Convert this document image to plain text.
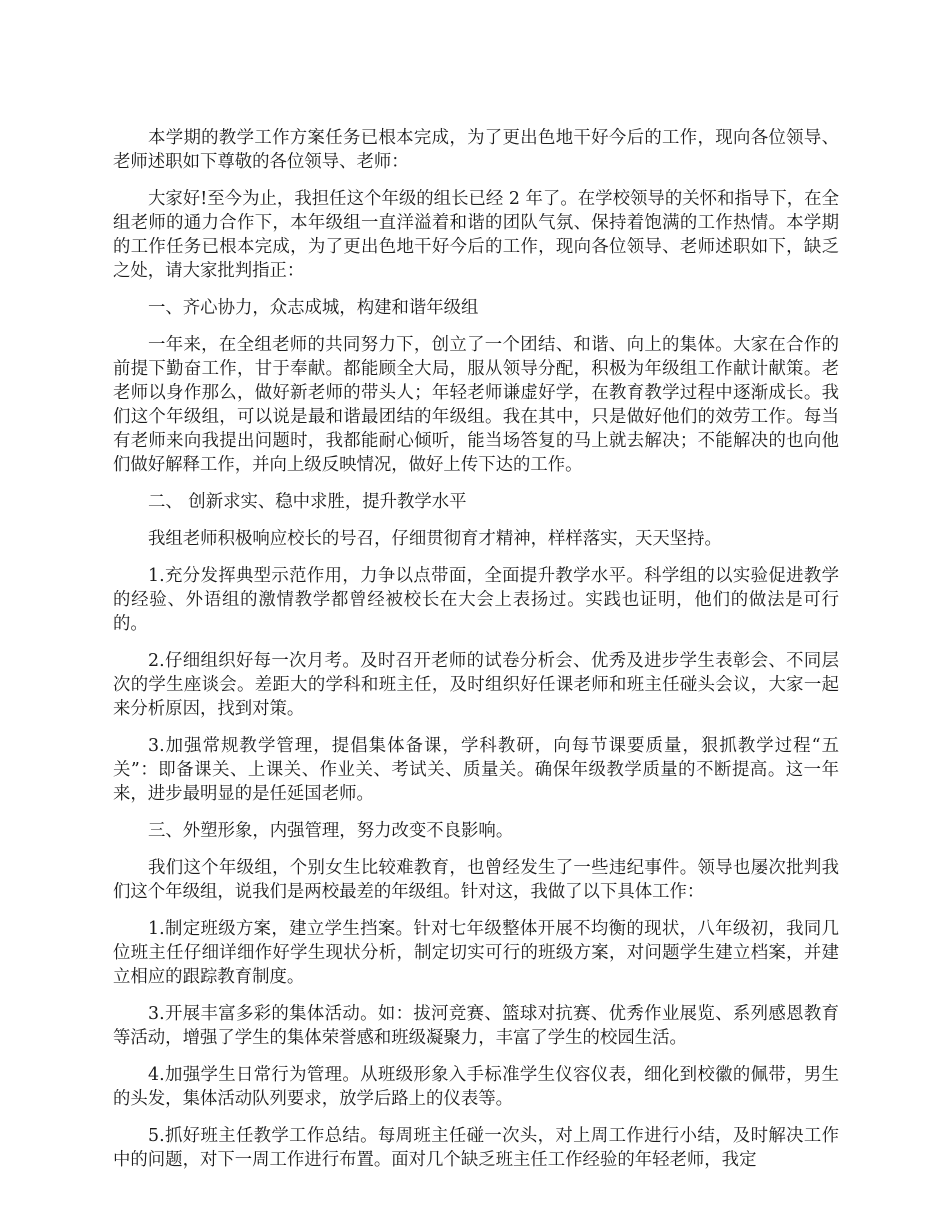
本学期的教学工作方案任务已根本完成，为了更出色地干好今后的工作，现向各位领导、老师述职如下尊敬的各位领导、老师：

大家好!至今为止，我担任这个年级的组长已经 2 年了。在学校领导的关怀和指导下，在全组老师的通力合作下，本年级组一直洋溢着和谐的团队气氛、保持着饱满的工作热情。本学期的工作任务已根本完成，为了更出色地干好今后的工作，现向各位领导、老师述职如下，缺乏之处，请大家批判指正：

一、齐心协力，众志成城，构建和谐年级组

一年来，在全组老师的共同努力下，创立了一个团结、和谐、向上的集体。大家在合作的前提下勤奋工作，甘于奉献。都能顾全大局，服从领导分配，积极为年级组工作献计献策。老老师以身作那么，做好新老师的带头人；年轻老师谦虚好学，在教育教学过程中逐渐成长。我们这个年级组，可以说是最和谐最团结的年级组。我在其中，只是做好他们的效劳工作。每当有老师来向我提出问题时，我都能耐心倾听，能当场答复的马上就去解决；不能解决的也向他们做好解释工作，并向上级反映情况，做好上传下达的工作。

二、 创新求实、稳中求胜，提升教学水平

我组老师积极响应校长的号召，仔细贯彻育才精神，样样落实，天天坚持。

1.充分发挥典型示范作用，力争以点带面，全面提升教学水平。科学组的以实验促进教学的经验、外语组的激情教学都曾经被校长在大会上表扬过。实践也证明，他们的做法是可行的。

2.仔细组织好每一次月考。及时召开老师的试卷分析会、优秀及进步学生表彰会、不同层次的学生座谈会。差距大的学科和班主任，及时组织好任课老师和班主任碰头会议，大家一起来分析原因，找到对策。

3.加强常规教学管理，提倡集体备课，学科教研，向每节课要质量，狠抓教学过程“五关”：即备课关、上课关、作业关、考试关、质量关。确保年级教学质量的不断提高。这一年来，进步最明显的是任延国老师。

三、外塑形象，内强管理，努力改变不良影响。

我们这个年级组，个别女生比较难教育，也曾经发生了一些违纪事件。领导也屡次批判我们这个年级组，说我们是两校最差的年级组。针对这，我做了以下具体工作：

1.制定班级方案，建立学生挡案。针对七年级整体开展不均衡的现状，八年级初，我同几位班主任仔细详细作好学生现状分析，制定切实可行的班级方案，对问题学生建立档案，并建立相应的跟踪教育制度。

3.开展丰富多彩的集体活动。如：拔河竞赛、篮球对抗赛、优秀作业展览、系列感恩教育等活动，增强了学生的集体荣誉感和班级凝聚力，丰富了学生的校园生活。

4.加强学生日常行为管理。从班级形象入手标准学生仪容仪表，细化到校徽的佩带，男生的头发，集体活动队列要求，放学后路上的仪表等。

5.抓好班主任教学工作总结。每周班主任碰一次头，对上周工作进行小结，及时解决工作中的问题，对下一周工作进行布置。面对几个缺乏班主任工作经验的年轻老师，我定
